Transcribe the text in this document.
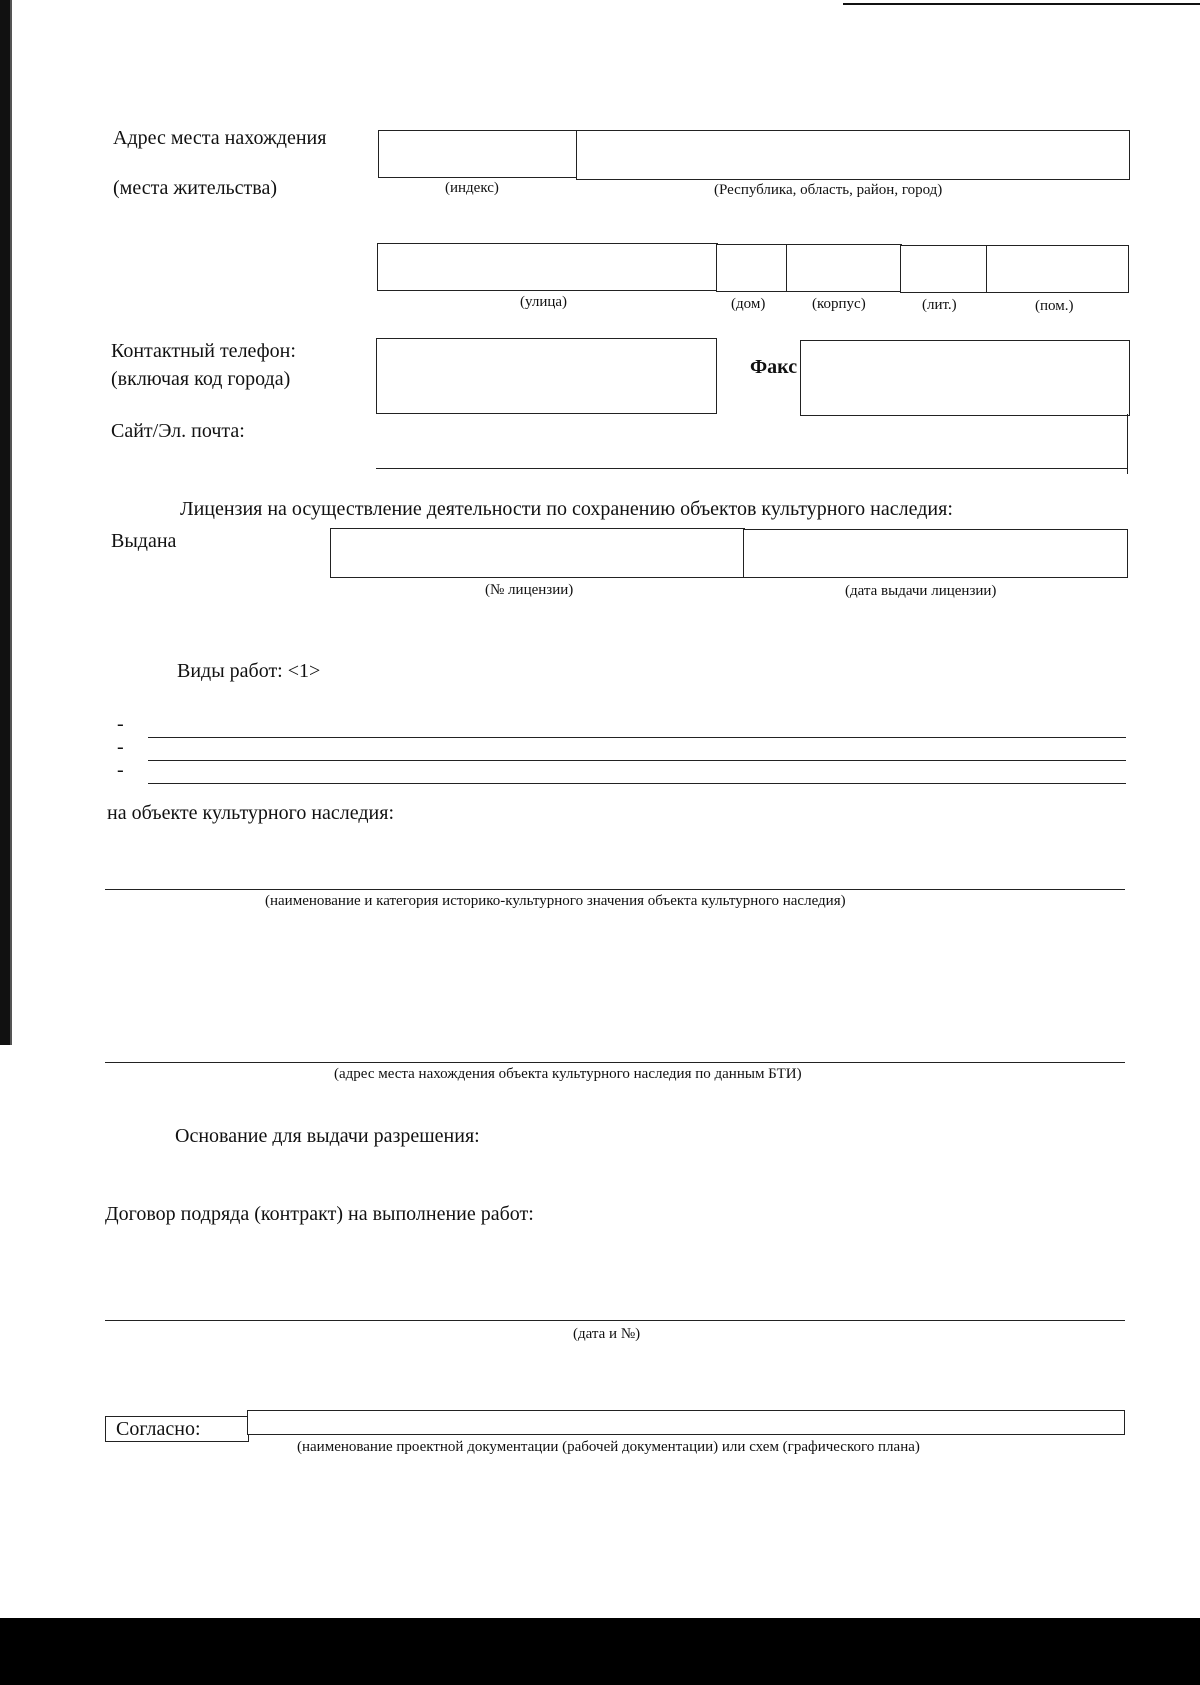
Адрес места нахождения
(места жительства)	(индекс)	(Республика, область, район, город)
(улица)	(дом)	(корпус)	(лит.)	(пом.)
Контактный телефон:
(включая код города)
Факс
Сайт/Эл. почта:
Лицензия на осуществление деятельности по сохранению объектов культурного наследия:
Выдана
(№ лицензии)	(дата выдачи лицензии)
Виды работ: <1>
-
-
-
на объекте культурного наследия:
(наименование и категория историко-культурного значения объекта культурного наследия)
(адрес места нахождения объекта культурного наследия по данным БТИ)
Основание для выдачи разрешения:
Договор подряда (контракт) на выполнение работ:
(дата и №)
Согласно:
(наименование проектной документации (рабочей документации) или схем (графического плана)
